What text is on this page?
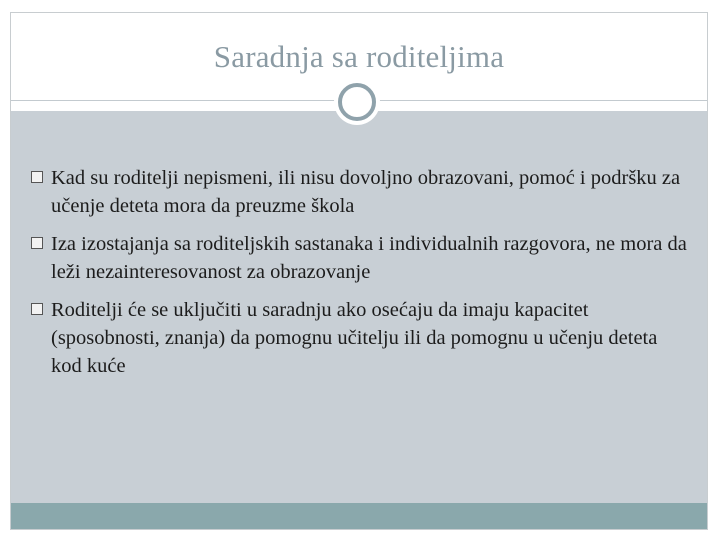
Saradnja sa roditeljima
Kad su roditelji nepismeni, ili nisu dovoljno obrazovani, pomoć i podršku za učenje deteta mora da preuzme škola
Iza izostajanja sa roditeljskih sastanaka i individualnih razgovora, ne mora da leži nezainteresovanost za obrazovanje
Roditelji će se uključiti u saradnju ako osećaju da imaju kapacitet (sposobnosti, znanja) da pomognu učitelju ili da pomognu u učenju deteta kod kuće
